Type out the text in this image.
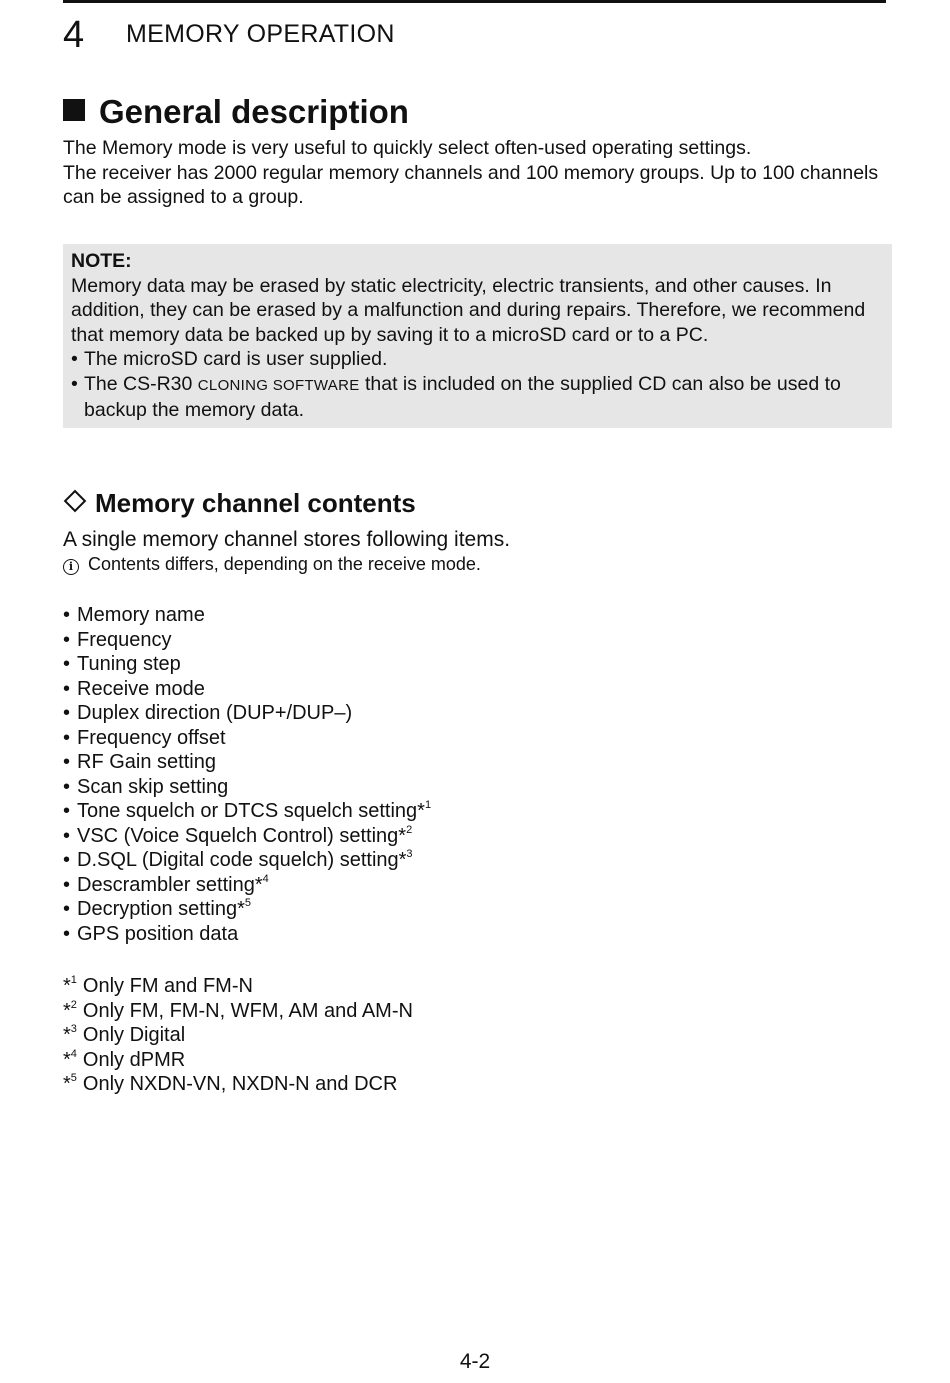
4 MEMORY OPERATION
General description

The Memory mode is very useful to quickly select often-used operating settings.

The receiver has 2000 regular memory channels and 100 memory groups. Up to 100 channels can be assigned to a group.

NOTE:

Memory data may be erased by static electricity, electric transients, and other causes. In addition, they can be erased by a malfunction and during repairs. Therefore, we recommend that memory data be backed up by saving it to a microSD card or to a PC.

• The microSD card is user supplied.

• The CS-R30 CLONING SOFTWARE that is included on the supplied CD can also be used to backup the memory data.

Memory channel contents
A single memory channel stores following items.
i Contents differs, depending on the receive mode.
• Memory name
• Frequency
• Tuning step
• Receive mode
• Duplex direction (DUP+/DUP–)
• Frequency offset
• RF Gain setting
• Scan skip setting
• Tone squelch or DTCS squelch setting*$^1$
• VSC (Voice Squelch Control) setting*$^2$
• D.SQL (Digital code squelch) setting*$^3$
• Descrambler setting*$^4$
• Decryption setting*$^5$
• GPS position data
*$^1$ Only FM and FM-N
*$^2$ Only FM, FM-N, WFM, AM and AM-N
*$^3$ Only Digital
*$^4$ Only dPMR
*$^5$ Only NXDN-VN, NXDN-N and DCR
4-2
